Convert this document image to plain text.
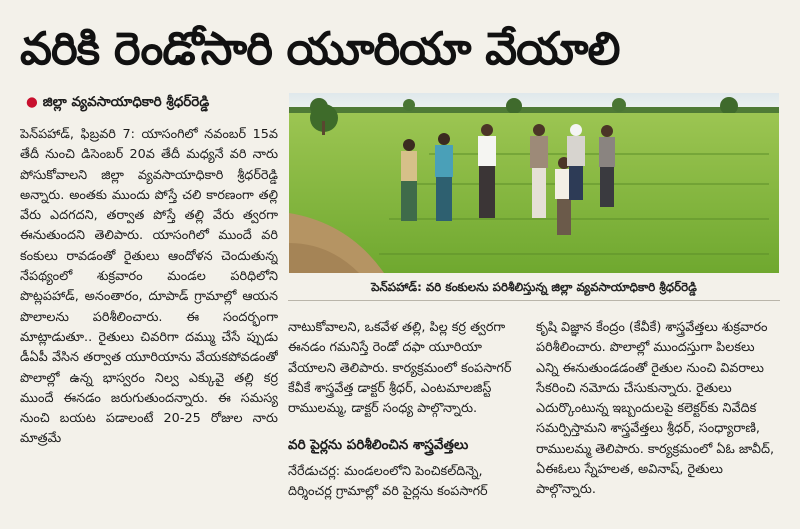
వరికి రెండోసారి యూరియా వేయాలి
● జిల్లా వ్యవసాయాధికారి శ్రీధర్‌రెడ్డి

పెన్‌పహాడ్‌, ఫిబ్రవరి 7: యాసంగిలో నవంబర్‌ 15వ తేదీ నుంచి డిసెంబర్‌ 20వ తేదీ మధ్యనే వరి నారు పోసుకోవాలని జిల్లా వ్యవసాయాధికారి శ్రీధర్‌రెడ్డి అన్నారు. అంతకు ముందు పోస్తే చలి కారణంగా తల్లి వేరు ఎదగదని, తర్వాత పోస్తే తల్లి వేరు త్వరగా ఈనుతుందని తెలిపారు. యాసంగిలో ముందే వరి కంకులు రావడంతో రైతులు ఆందోళన చెందుతున్న నేపథ్యంలో శుక్రవారం మండల పరిధిలోని పొట్లపహాడ్‌, అనంతారం, దూపాడ్‌ గ్రామాల్లో ఆయన పొలాలను పరిశీలించారు. ఈ సందర్భంగా మాట్లాడుతూ.. రైతులు చివరిగా దమ్ము చేసే ప్పుడు డీఏపీ వేసిన తర్వాత యూరియాను వేయకపోవడంతో పొలాల్లో ఉన్న భాస్వరం నిల్వ ఎక్కువై తల్లి కర్ర ముందే ఈనడం జరుగుతుందన్నారు. ఈ సమస్య నుంచి బయట పడాలంటే 20-25 రోజుల నారు మాత్రమే

పెన్‌పహాడ్‌: వరి కంకులను పరిశీలిస్తున్న జిల్లా వ్యవసాయాధికారి శ్రీధర్‌రెడ్డి

నాటుకోవాలని, ఒకవేళ తల్లి, పిల్ల కర్ర త్వరగా ఈనడం గమనిస్తే రెండో దఫా యూరియా వేయాలని తెలిపారు. కార్యక్రమంలో కంపసాగర్‌ కేవీకే శాస్త్రవేత్త డాక్టర్‌ శ్రీధర్‌, ఎంటమాలజిస్ట్‌ రాములమ్మ, డాక్టర్‌ సంధ్య పాల్గొన్నారు.

వరి పైర్లను పరిశీలించిన శాస్త్రవేత్తలు

నేరేడుచర్ల: మండలంలోని పెంచికల్‌దిన్నె, దిర్శించర్ల గ్రామాల్లో వరి పైర్లను కంపసాగర్‌

కృషి విజ్ఞాన కేంద్రం (కేవీకే) శాస్త్రవేత్తలు శుక్రవారం పరిశీలించారు. పొలాల్లో ముందస్తుగా పిలకలు ఎన్ని ఈనుతుండడంతో రైతుల నుంచి వివరాలు సేకరించి నమోదు చేసుకున్నారు. రైతులు ఎదుర్కొంటున్న ఇబ్బందులపై కలెక్టర్‌కు నివేదిక సమర్పిస్తామని శాస్త్రవేత్తలు శ్రీధర్‌, సంధ్యారాణి, రాములమ్మ తెలిపారు. కార్యక్రమంలో ఏఓ జావీద్‌, ఏఈఓలు స్నేహలత, అవినాష్‌, రైతులు పాల్గొన్నారు.
